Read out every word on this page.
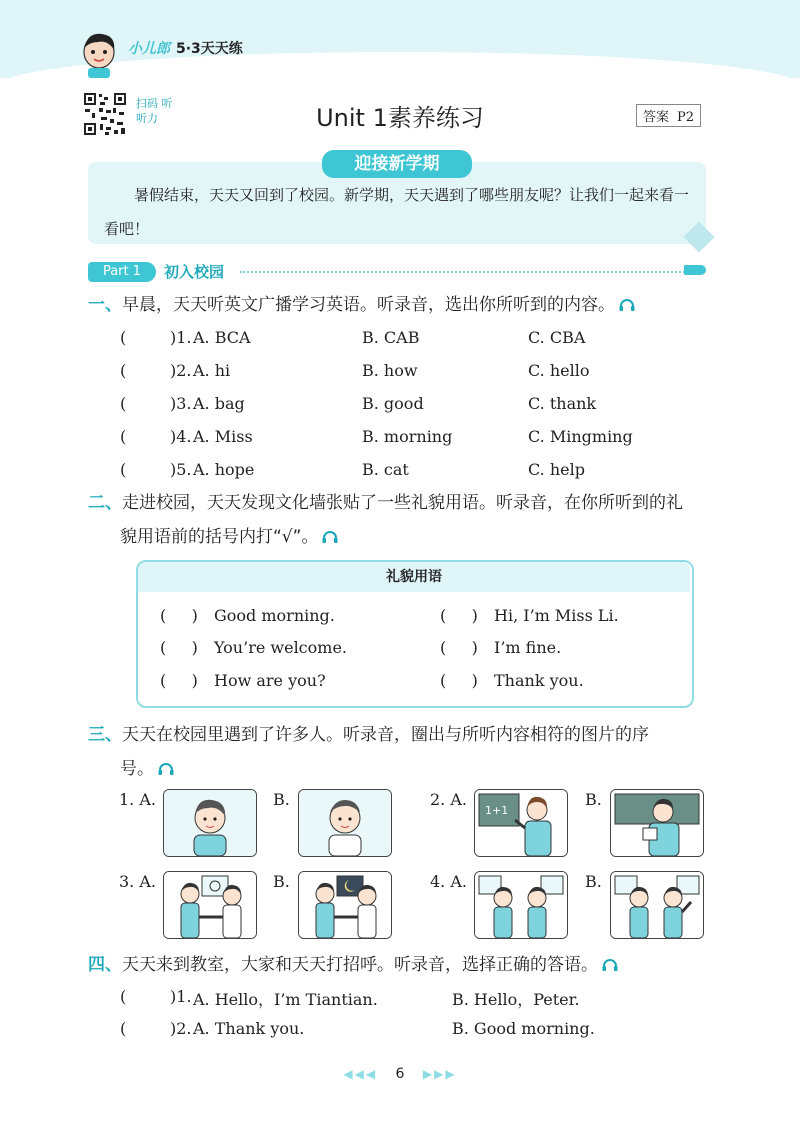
小儿郎 5·3天天练
扫码 听听力	Unit 1素养练习	答案 P2
迎接新学期
暑假结束，天天又回到了校园。新学期，天天遇到了哪些朋友呢？让我们一起来看一看吧！
Part 1	初入校园
一、早晨，天天听英文广播学习英语。听录音，选出你所听到的内容。
(	)1. A. BCA	B. CAB	C. CBA
(	)2. A. hi	B. how	C. hello
(	)3. A. bag	B. good	C. thank
(	)4. A. Miss	B. morning	C. Mingming
(	)5. A. hope	B. cat	C. help
二、走进校园，天天发现文化墙张贴了一些礼貌用语。听录音，在你所听到的礼
貌用语前的括号内打“√”。
礼貌用语
(     ) Good morning.	(     ) Hi, I’m Miss Li.
(     ) You’re welcome.	(     ) I’m fine.
(     ) How are you?	(     ) Thank you.
三、天天在校园里遇到了许多人。听录音，圈出与所听内容相符的图片的序
号。
1. A.	B.	2. A.	B.
3. A.	B.	4. A.	B.
1+1
四、天天来到教室，大家和天天打招呼。听录音，选择正确的答语。
(	)1. A. Hello，I’m Tiantian.	B. Hello，Peter.
(	)2. A. Thank you.	B. Good morning.
◀◀◀ 6 ▶▶▶
